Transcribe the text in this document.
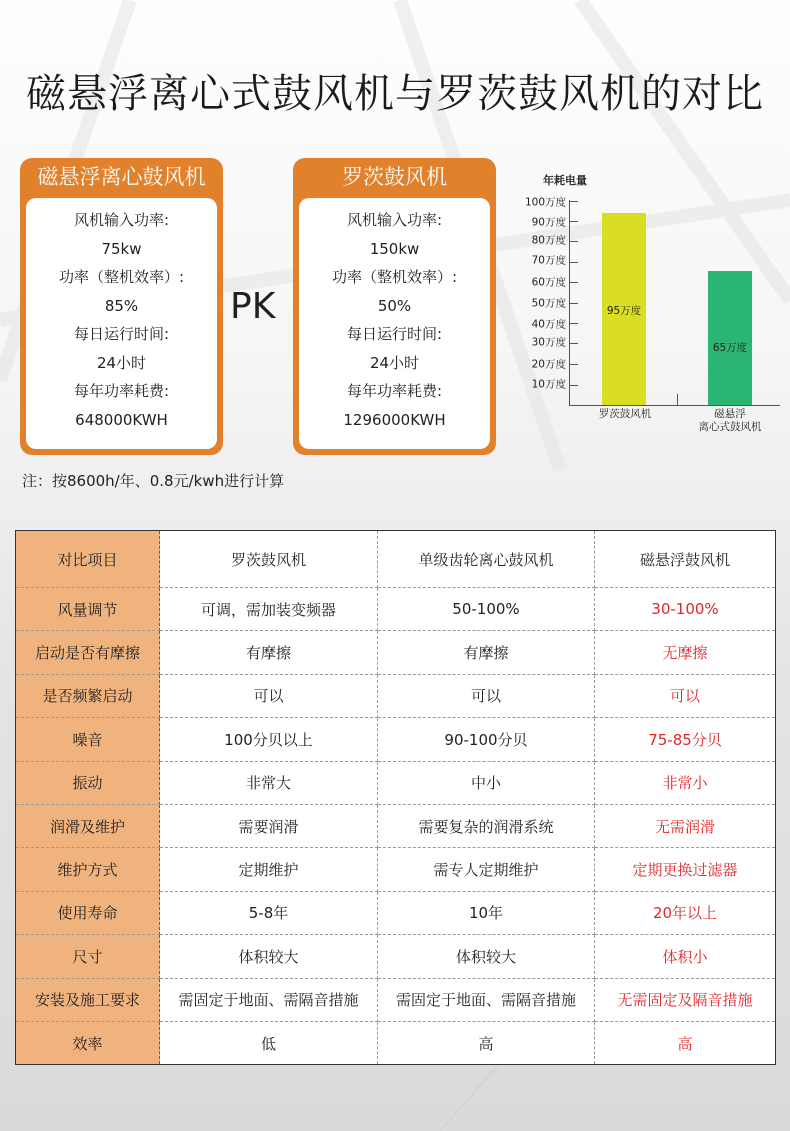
磁悬浮离心式鼓风机与罗茨鼓风机的对比
磁悬浮离心鼓风机
风机输入功率:
75kw
功率（整机效率）:
85%
每日运行时间:
24小时
每年功率耗费:
648000KWH
PK
罗茨鼓风机
风机输入功率:
150kw
功率（整机效率）:
50%
每日运行时间:
24小时
每年功率耗费:
1296000KWH
年耗电量
10万度
20万度
30万度
40万度
50万度
60万度
70万度
80万度
90万度
100万度
95万度
65万度
罗茨鼓风机	磁悬浮
离心式鼓风机
注：按8600h/年、0.8元/kwh进行计算
对比项目	罗茨鼓风机	单级齿轮离心鼓风机	磁悬浮鼓风机
风量调节	可调，需加装变频器	50-100%	30-100%
启动是否有摩擦	有摩擦	有摩擦	无摩擦
是否频繁启动	可以	可以	可以
噪音	100分贝以上	90-100分贝	75-85分贝
振动	非常大	中小	非常小
润滑及维护	需要润滑	需要复杂的润滑系统	无需润滑
维护方式	定期维护	需专人定期维护	定期更换过滤器
使用寿命	5-8年	10年	20年以上
尺寸	体积较大	体积较大	体积小
安装及施工要求	需固定于地面、需隔音措施	需固定于地面、需隔音措施	无需固定及隔音措施
效率	低	高	高
